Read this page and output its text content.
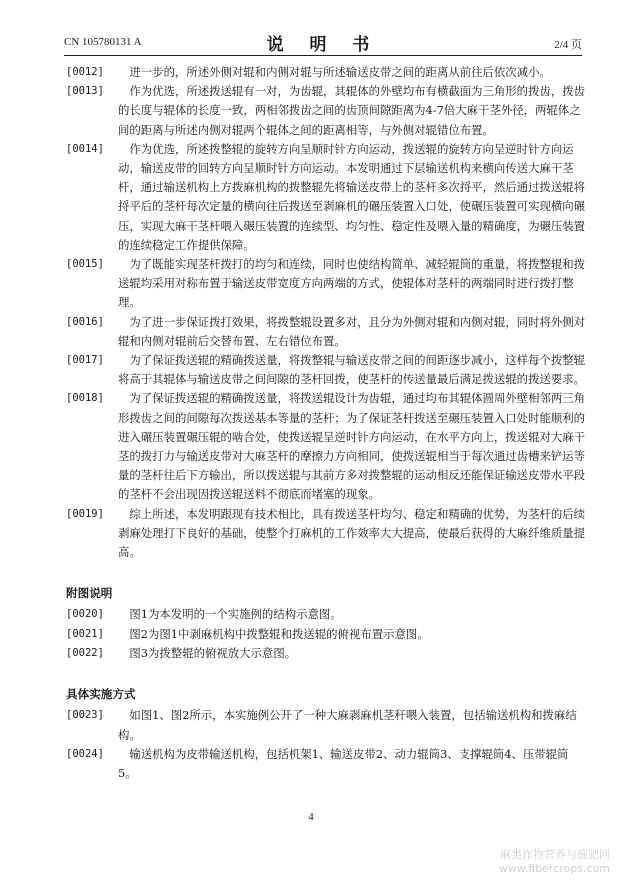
CN 105780131 A	说 明 书	2/4 页

[0012] 　进一步的，所述外侧对辊和内侧对辊与所述输送皮带之间的距离从前往后依次减小。

[0013] 　作为优选，所述拨送辊有一对，为齿辊，其辊体的外壁均布有横截面为三角形的拨齿，拨齿的长度与辊体的长度一致，两相邻拨齿之间的齿顶间隙距离为4-7倍大麻干茎外径，两辊体之间的距离与所述内侧对辊两个辊体之间的距离相等，与外侧对辊错位布置。

[0014] 　作为优选，所述拨整辊的旋转方向呈顺时针方向运动，拨送辊的旋转方向呈逆时针方向运动，输送皮带的回转方向呈顺时针方向运动。本发明通过下层输送机构来横向传送大麻干茎杆，通过输送机构上方拨麻机构的拨整辊先将输送皮带上的茎杆多次捋平，然后通过拨送辊将捋平后的茎杆每次定量的横向往后拨送至剥麻机的碾压装置入口处，使碾压装置可实现横向碾压，实现大麻干茎杆喂入碾压装置的连续型、均匀性、稳定性及喂入量的精确度，为碾压装置的连续稳定工作提供保障。

[0015] 　为了既能实现茎杆拨打的均匀和连续，同时也使结构简单、减轻辊筒的重量，将拨整辊和拨送辊均采用对称布置于输送皮带宽度方向两端的方式，使辊体对茎杆的两端同时进行拨打整理。

[0016] 　为了进一步保证拨打效果，将拨整辊设置多对，且分为外侧对辊和内侧对辊，同时将外侧对辊和内侧对辊前后交替布置、左右错位布置。

[0017] 　为了保证拨送辊的精确拨送量，将拨整辊与输送皮带之间的间距逐步减小，这样每个拨整辊将高于其辊体与输送皮带之间间隙的茎杆回拨，使茎杆的传送量最后满足拨送辊的拨送要求。

[0018] 　为了保证拨送辊的精确拨送量，将拨送辊设计为齿辊，通过均布其辊体圆周外壁相邻两三角形拨齿之间的间隙每次拨送基本等量的茎杆；为了保证茎杆拨送至碾压装置入口处时能顺利的进入碾压装置碾压辊的啮合处，使拨送辊呈逆时针方向运动，在水平方向上，拨送辊对大麻干茎的拨打力与输送皮带对大麻茎杆的摩擦力方向相同，使拨送辊相当于每次通过齿槽来铲运等量的茎杆往后下方输出，所以拨送辊与其前方多对拨整辊的运动相反还能保证输送皮带水平段的茎杆不会出现因拨送辊送料不彻底而堵塞的现象。

[0019] 　综上所述，本发明跟现有技术相比，具有拨送茎杆均匀、稳定和精确的优势，为茎杆的后续剥麻处理打下良好的基础，使整个打麻机的工作效率大大提高，使最后获得的大麻纤维质量提高。

附图说明

[0020] 　图1为本发明的一个实施例的结构示意图。

[0021] 　图2为图1中剥麻机构中拨整辊和拨送辊的俯视布置示意图。

[0022] 　图3为拨整辊的俯视放大示意图。

具体实施方式

[0023] 　如图1、图2所示，本实施例公开了一种大麻剥麻机茎秆喂入装置，包括输送机构和拨麻结构。

[0024] 　输送机构为皮带输送机构，包括机架1、输送皮带2、动力辊筒3、支撑辊筒4、压带辊筒5。

4
麻类作物营养与施肥网
www.fibercrops.com
